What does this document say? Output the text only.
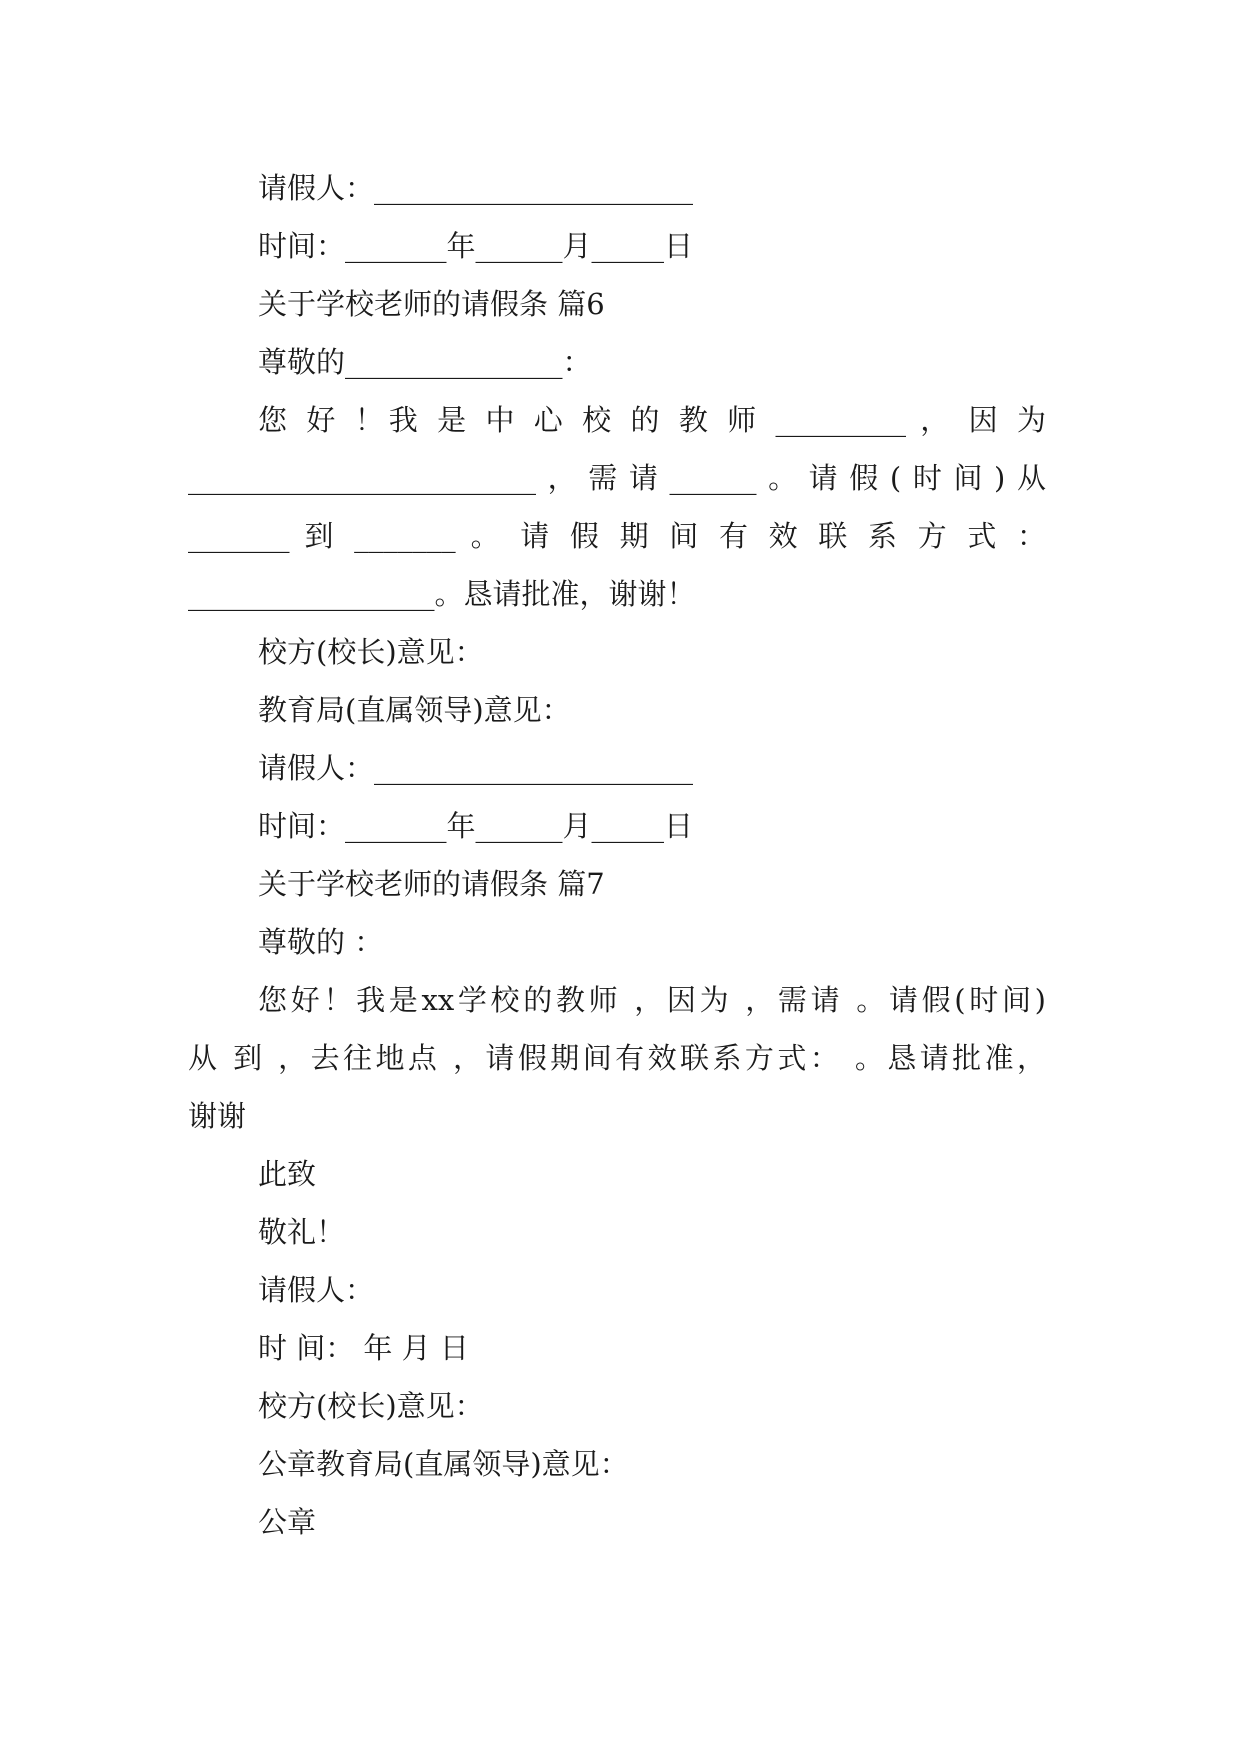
请假人：______________________
时间：_______年______月_____日
关于学校老师的请假条 篇6
尊敬的_______________：
您 好 ！我 是 中 心 校 的 教 师 _________ ， 因 为
________________________，需请______。请假(时间)从
_______ 到 _______ 。 请 假 期 间 有 效 联 系 方 式 ：
_________________。恳请批准，谢谢！
校方(校长)意见：
教育局(直属领导)意见：
请假人：______________________
时间：_______年______月_____日
关于学校老师的请假条 篇7
尊敬的 ：
您好！我是xx学校的教师 ，因为 ，需请 。请假(时间)
从 到 ，去往地点 ，请假期间有效联系方式： 。恳请批准，
谢谢
此致
敬礼！
请假人：
时 间： 年 月 日
校方(校长)意见：
公章教育局(直属领导)意见：
公章
